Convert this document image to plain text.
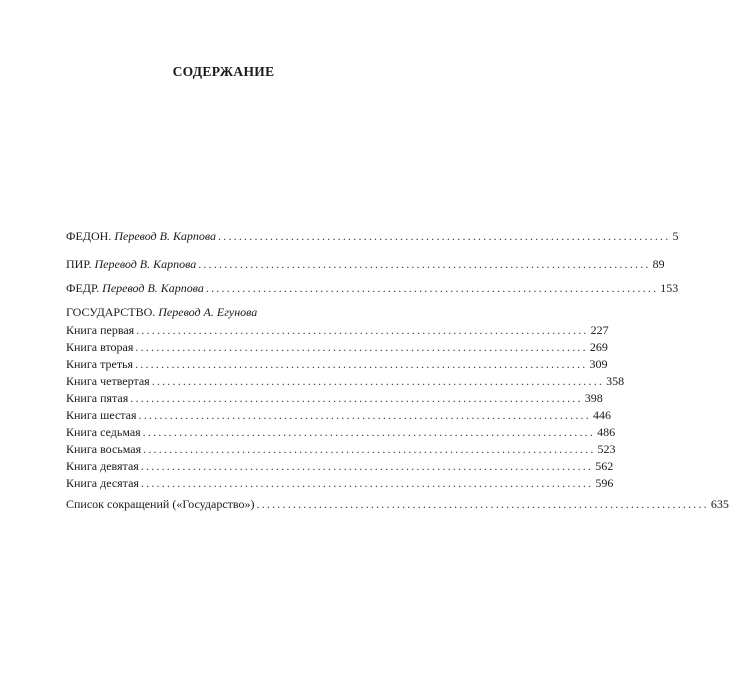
СОДЕРЖАНИЕ
ФЕДОН. Перевод В. Карпова ....................................................................................... 5
ПИР. Перевод В. Карпова ....................................................................................... 89
ФЕДР. Перевод В. Карпова ....................................................................................... 153
ГОСУДАРСТВО. Перевод А. Егунова
Книга первая ....................................................................................... 227
Книга вторая ....................................................................................... 269
Книга третья ....................................................................................... 309
Книга четвертая ....................................................................................... 358
Книга пятая ....................................................................................... 398
Книга шестая ....................................................................................... 446
Книга седьмая ....................................................................................... 486
Книга восьмая ....................................................................................... 523
Книга девятая ....................................................................................... 562
Книга десятая ....................................................................................... 596
Список сокращений («Государство») ....................................................................................... 635
